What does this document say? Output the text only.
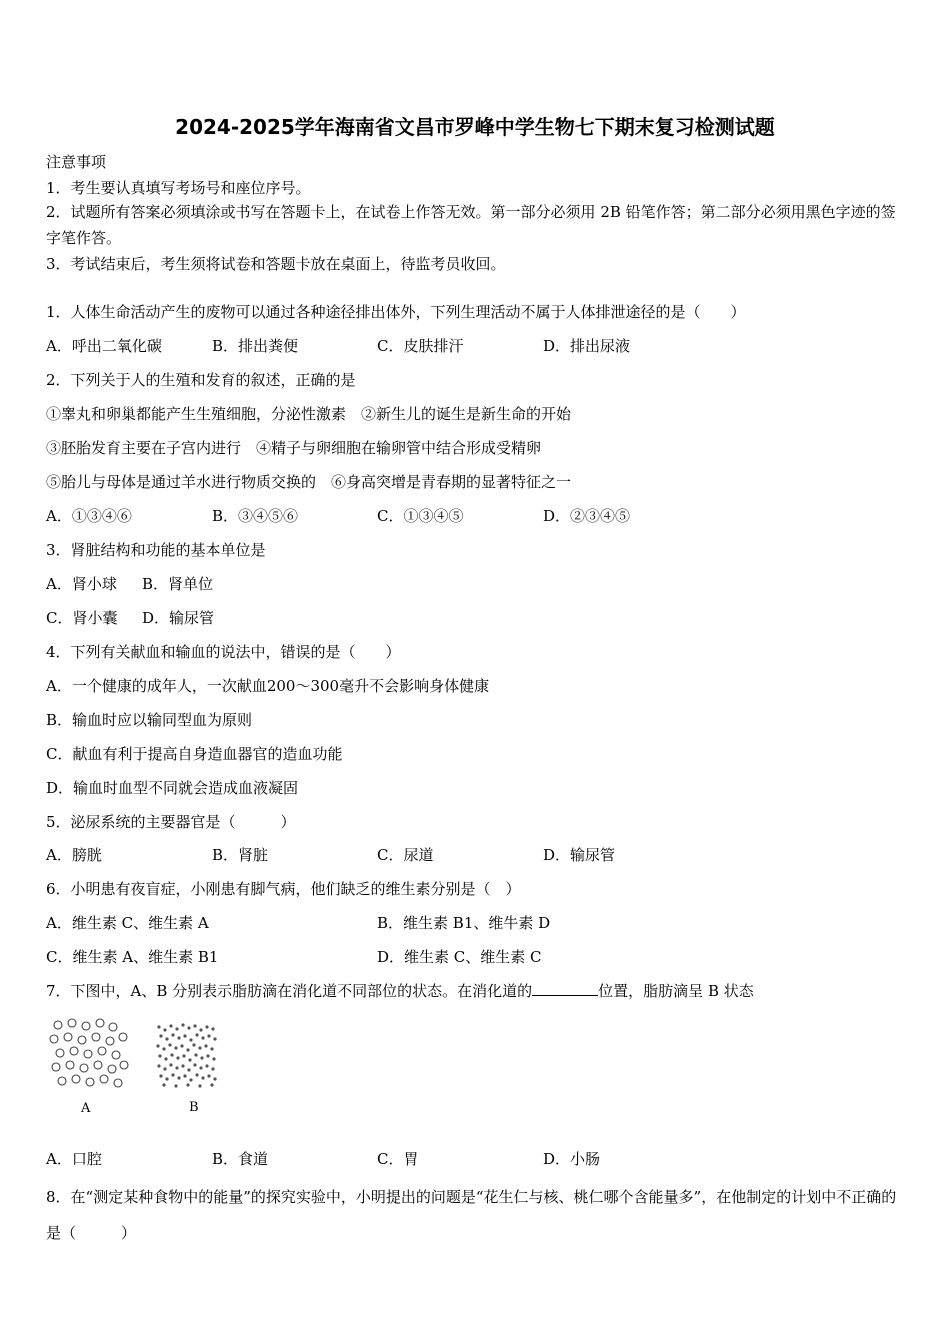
2024-2025学年海南省文昌市罗峰中学生物七下期末复习检测试题
注意事项
1．考生要认真填写考场号和座位序号。
2．试题所有答案必须填涂或书写在答题卡上，在试卷上作答无效。第一部分必须用 2B 铅笔作答；第二部分必须用黑色字迹的签字笔作答。
3．考试结束后，考生须将试卷和答题卡放在桌面上，待监考员收回。
1．人体生命活动产生的废物可以通过各种途径排出体外，下列生理活动不属于人体排泄途径的是（　　）
A．呼出二氧化碳	B．排出粪便	C．皮肤排汗	D．排出尿液
2．下列关于人的生殖和发育的叙述，正确的是
①睾丸和卵巢都能产生生殖细胞，分泌性激素　②新生儿的诞生是新生命的开始
③胚胎发育主要在子宫内进行　④精子与卵细胞在输卵管中结合形成受精卵
⑤胎儿与母体是通过羊水进行物质交换的　⑥身高突增是青春期的显著特征之一
A．①③④⑥	B．③④⑤⑥	C．①③④⑤	D．②③④⑤
3．肾脏结构和功能的基本单位是
A．肾小球 B．肾单位
C．肾小囊 D．输尿管
4．下列有关献血和输血的说法中，错误的是（　　）
A．一个健康的成年人，一次献血200～300毫升不会影响身体健康
B．输血时应以输同型血为原则
C．献血有利于提高自身造血器官的造血功能
D．输血时血型不同就会造成血液凝固
5．泌尿系统的主要器官是（　　　）
A．膀胱	B．肾脏	C．尿道	D．输尿管
6．小明患有夜盲症，小刚患有脚气病，他们缺乏的维生素分别是（　）
A．维生素 C、维生素 A	B．维生素 B1、维牛素 D
C．维生素 A、维生素 B1	D．维生素 C、维生素 C
7．下图中，A、B 分别表示脂肪滴在消化道不同部位的状态。在消化道的	位置，脂肪滴呈 B 状态
A	B
A．口腔	B．食道	C．胃	D．小肠
8．在“测定某种食物中的能量”的探究实验中，小明提出的问题是“花生仁与核、桃仁哪个含能量多”，在他制定的计划中不正确的是（　　　）
